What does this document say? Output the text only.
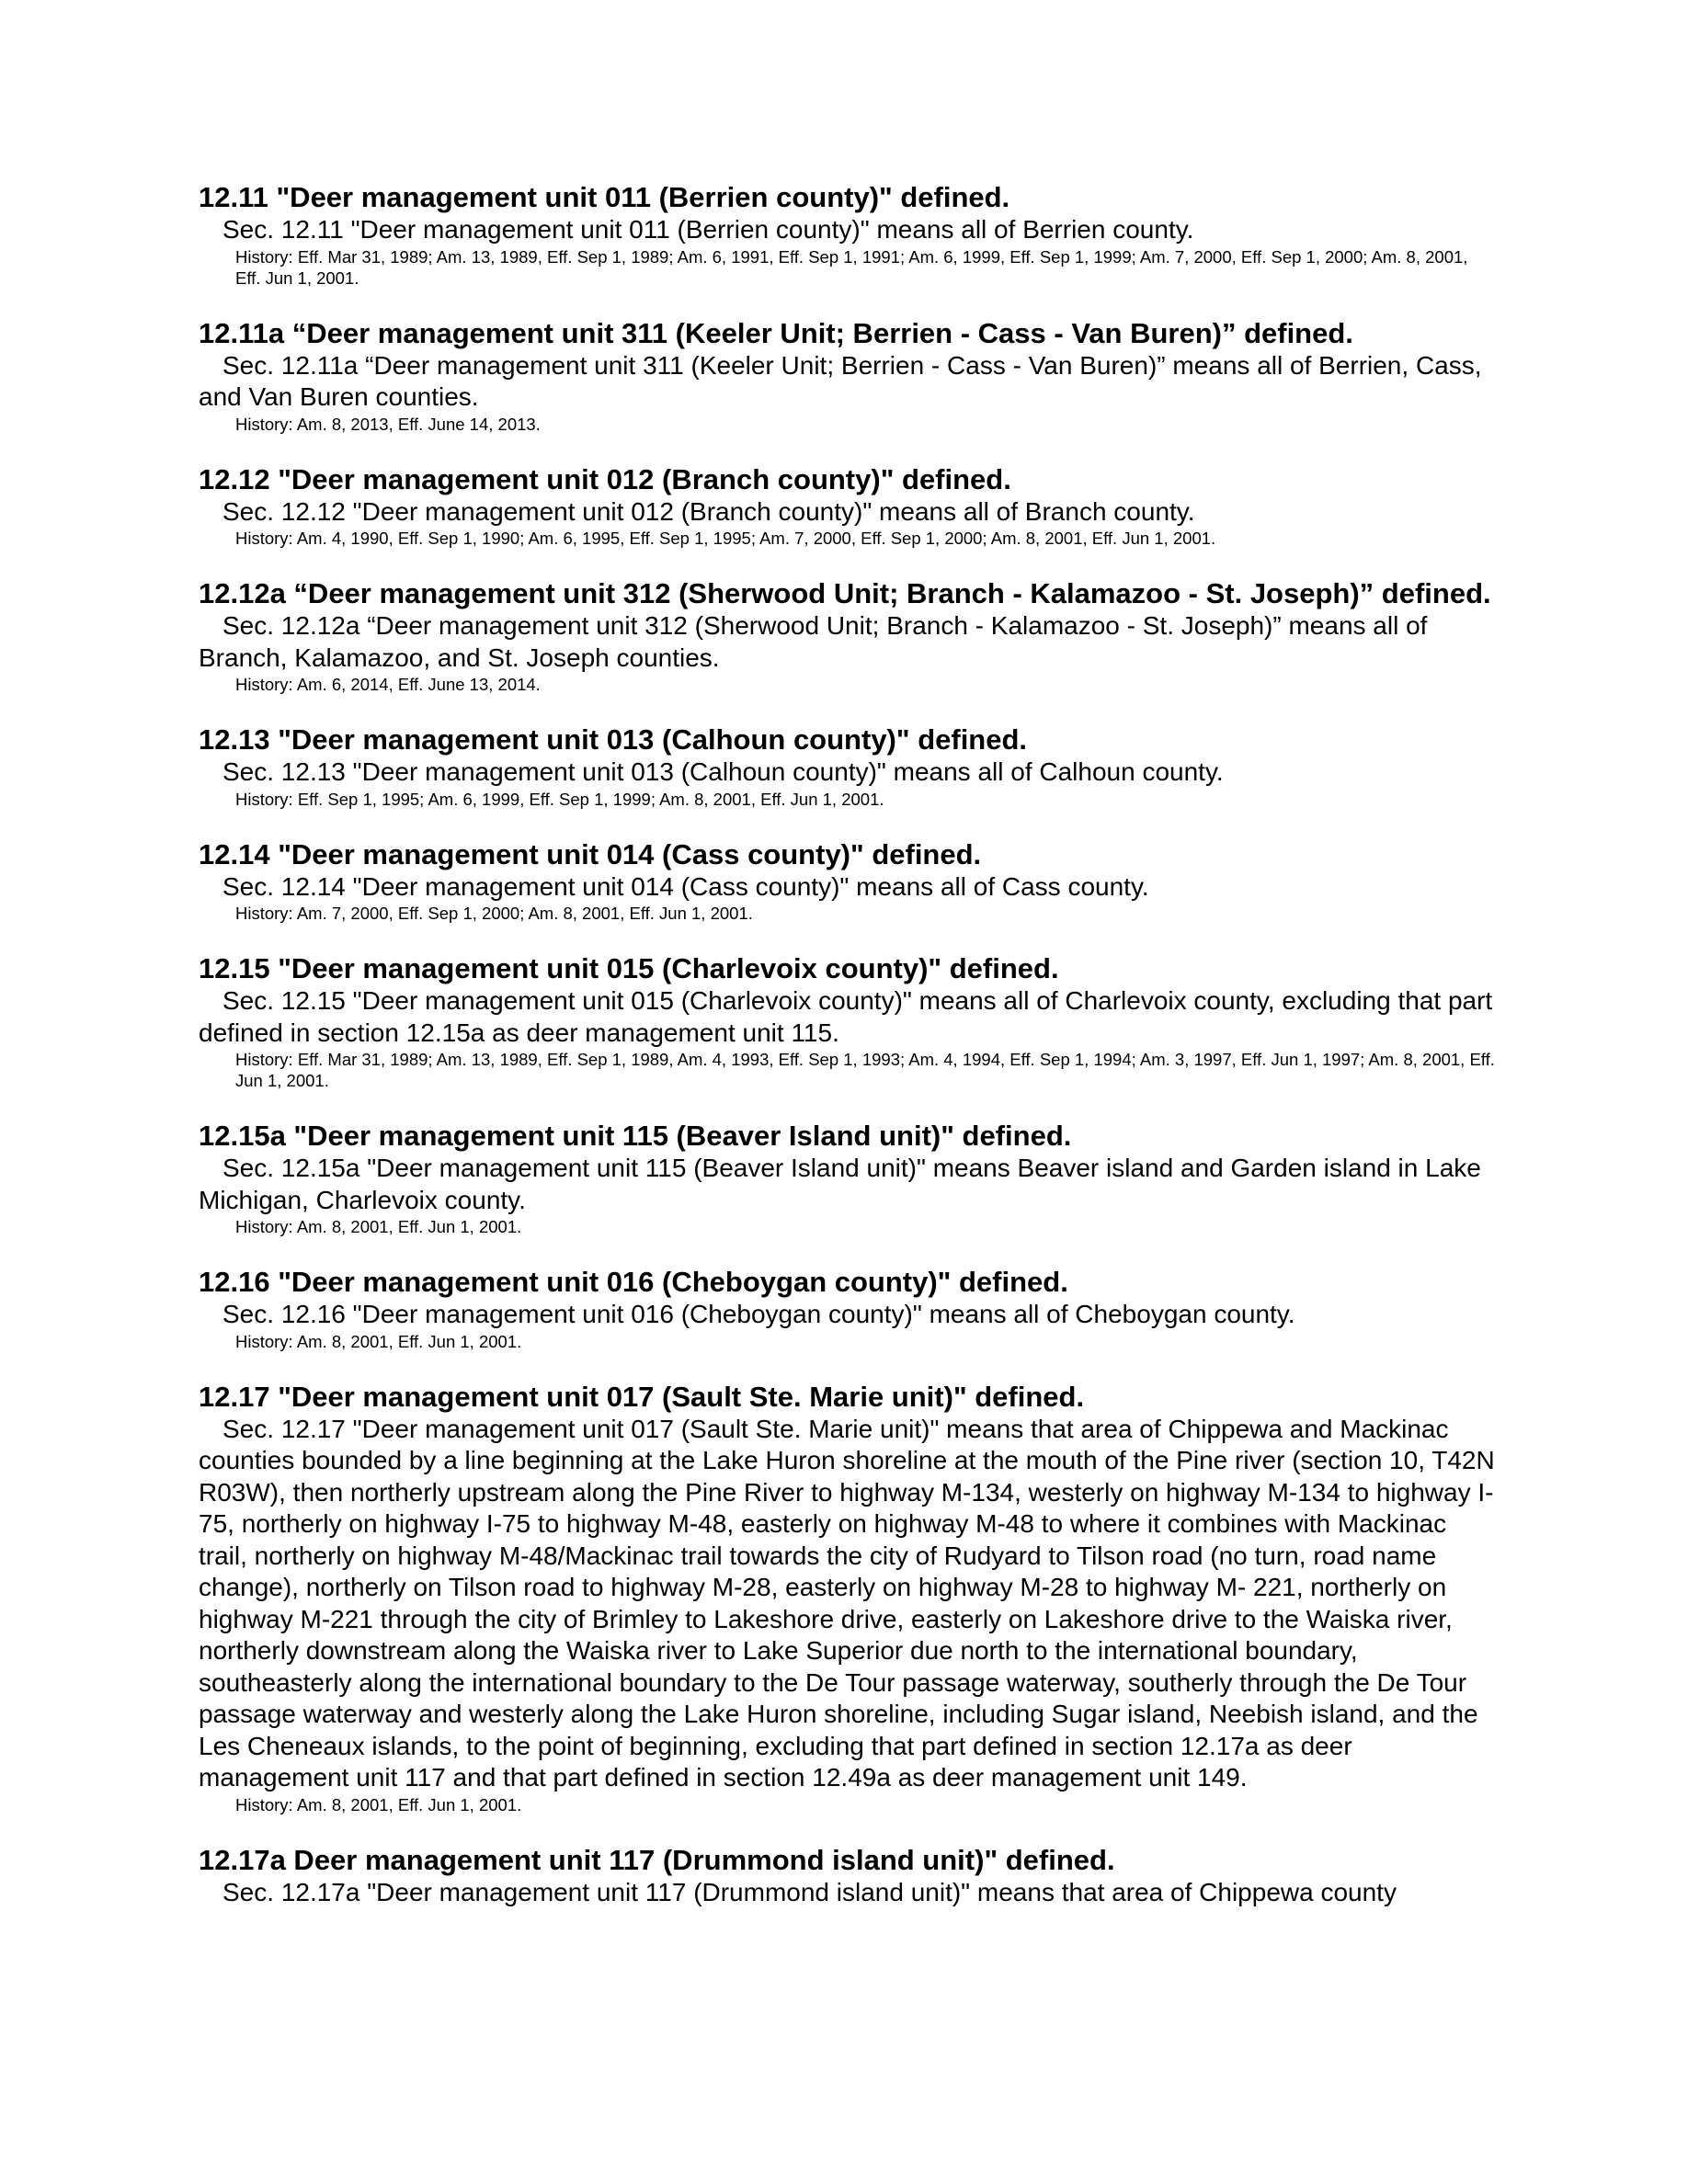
12.11 "Deer management unit 011 (Berrien county)" defined.

Sec. 12.11 "Deer management unit 011 (Berrien county)" means all of Berrien county.

History: Eff. Mar 31, 1989; Am. 13, 1989, Eff. Sep 1, 1989; Am. 6, 1991, Eff. Sep 1, 1991; Am. 6, 1999, Eff. Sep 1, 1999; Am. 7, 2000, Eff. Sep 1, 2000; Am. 8, 2001, Eff. Jun 1, 2001.

12.11a “Deer management unit 311 (Keeler Unit; Berrien - Cass - Van Buren)” defined.

Sec. 12.11a “Deer management unit 311 (Keeler Unit; Berrien - Cass - Van Buren)” means all of Berrien, Cass, and Van Buren counties.

History: Am. 8, 2013, Eff. June 14, 2013.

12.12 "Deer management unit 012 (Branch county)" defined.

Sec. 12.12 "Deer management unit 012 (Branch county)" means all of Branch county.

History: Am. 4, 1990, Eff. Sep 1, 1990; Am. 6, 1995, Eff. Sep 1, 1995; Am. 7, 2000, Eff. Sep 1, 2000; Am. 8, 2001, Eff. Jun 1, 2001.

12.12a “Deer management unit 312 (Sherwood Unit; Branch - Kalamazoo - St. Joseph)” defined.

Sec. 12.12a “Deer management unit 312 (Sherwood Unit; Branch - Kalamazoo - St. Joseph)” means all of Branch, Kalamazoo, and St. Joseph counties.

History: Am. 6, 2014, Eff. June 13, 2014.

12.13 "Deer management unit 013 (Calhoun county)" defined.

Sec. 12.13 "Deer management unit 013 (Calhoun county)" means all of Calhoun county.

History: Eff. Sep 1, 1995; Am. 6, 1999, Eff. Sep 1, 1999; Am. 8, 2001, Eff. Jun 1, 2001.

12.14 "Deer management unit 014 (Cass county)" defined.

Sec. 12.14 "Deer management unit 014 (Cass county)" means all of Cass county.

History: Am. 7, 2000, Eff. Sep 1, 2000; Am. 8, 2001, Eff. Jun 1, 2001.

12.15 "Deer management unit 015 (Charlevoix county)" defined.

Sec. 12.15 "Deer management unit 015 (Charlevoix county)" means all of Charlevoix county, excluding that part defined in section 12.15a as deer management unit 115.

History: Eff. Mar 31, 1989; Am. 13, 1989, Eff. Sep 1, 1989, Am. 4, 1993, Eff. Sep 1, 1993; Am. 4, 1994, Eff. Sep 1, 1994; Am. 3, 1997, Eff. Jun 1, 1997; Am. 8, 2001, Eff. Jun 1, 2001.

12.15a "Deer management unit 115 (Beaver Island unit)" defined.

Sec. 12.15a "Deer management unit 115 (Beaver Island unit)" means Beaver island and Garden island in Lake Michigan, Charlevoix county.

History: Am. 8, 2001, Eff. Jun 1, 2001.

12.16 "Deer management unit 016 (Cheboygan county)" defined.

Sec. 12.16 "Deer management unit 016 (Cheboygan county)" means all of Cheboygan county.

History: Am. 8, 2001, Eff. Jun 1, 2001.

12.17 "Deer management unit 017 (Sault Ste. Marie unit)" defined.

Sec. 12.17 "Deer management unit 017 (Sault Ste. Marie unit)" means that area of Chippewa and Mackinac counties bounded by a line beginning at the Lake Huron shoreline at the mouth of the Pine river (section 10, T42N R03W), then northerly upstream along the Pine River to highway M-134, westerly on highway M-134 to highway I-75, northerly on highway I-75 to highway M-48, easterly on highway M-48 to where it combines with Mackinac trail, northerly on highway M-48/Mackinac trail towards the city of Rudyard to Tilson road (no turn, road name change), northerly on Tilson road to highway M-28, easterly on highway M-28 to highway M- 221, northerly on highway M-221 through the city of Brimley to Lakeshore drive, easterly on Lakeshore drive to the Waiska river, northerly downstream along the Waiska river to Lake Superior due north to the international boundary, southeasterly along the international boundary to the De Tour passage waterway, southerly through the De Tour passage waterway and westerly along the Lake Huron shoreline, including Sugar island, Neebish island, and the Les Cheneaux islands, to the point of beginning, excluding that part defined in section 12.17a as deer management unit 117 and that part defined in section 12.49a as deer management unit 149.

History: Am. 8, 2001, Eff. Jun 1, 2001.

12.17a Deer management unit 117 (Drummond island unit)" defined.

Sec. 12.17a "Deer management unit 117 (Drummond island unit)" means that area of Chippewa county
